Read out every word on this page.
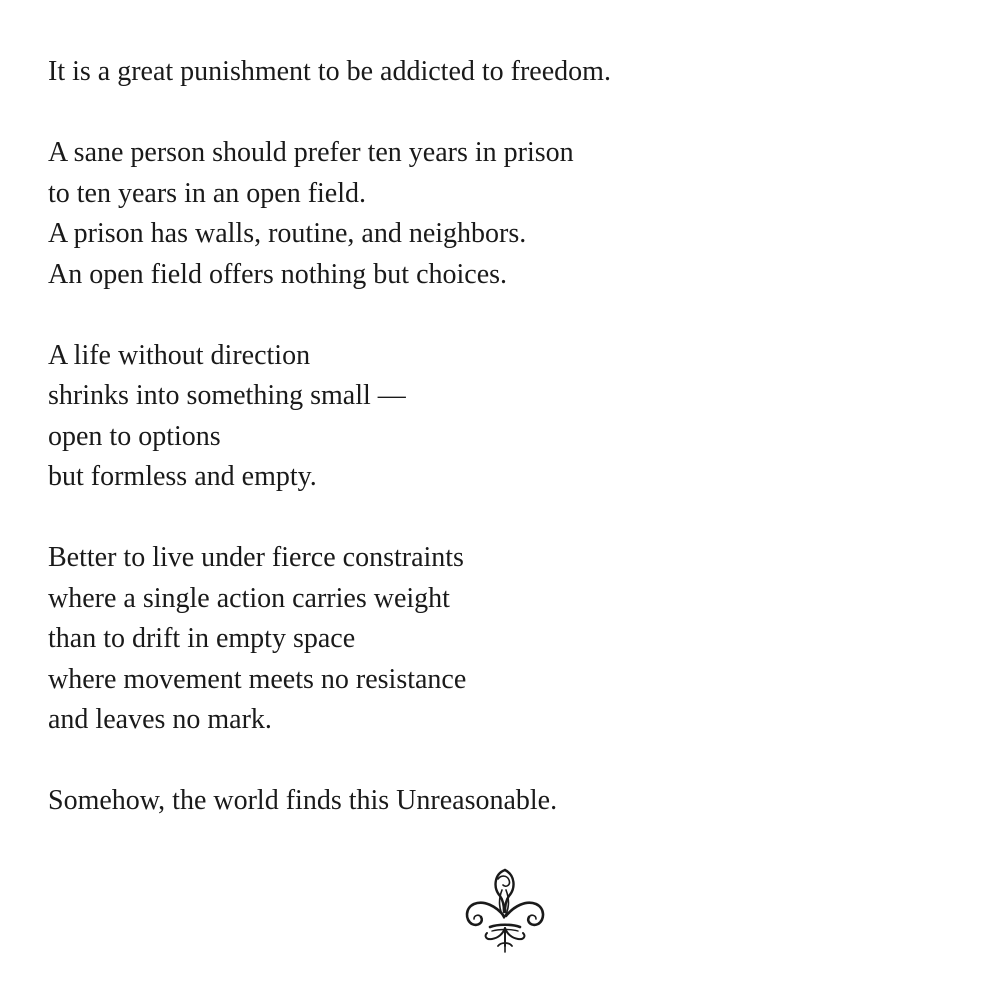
It is a great punishment to be addicted to freedom.
A sane person should prefer ten years in prison
to ten years in an open field.
A prison has walls, routine, and neighbors.
An open field offers nothing but choices.
A life without direction
shrinks into something small —
open to options
but formless and empty.
Better to live under fierce constraints
where a single action carries weight
than to drift in empty space
where movement meets no resistance
and leaves no mark.
Somehow, the world finds this Unreasonable.
